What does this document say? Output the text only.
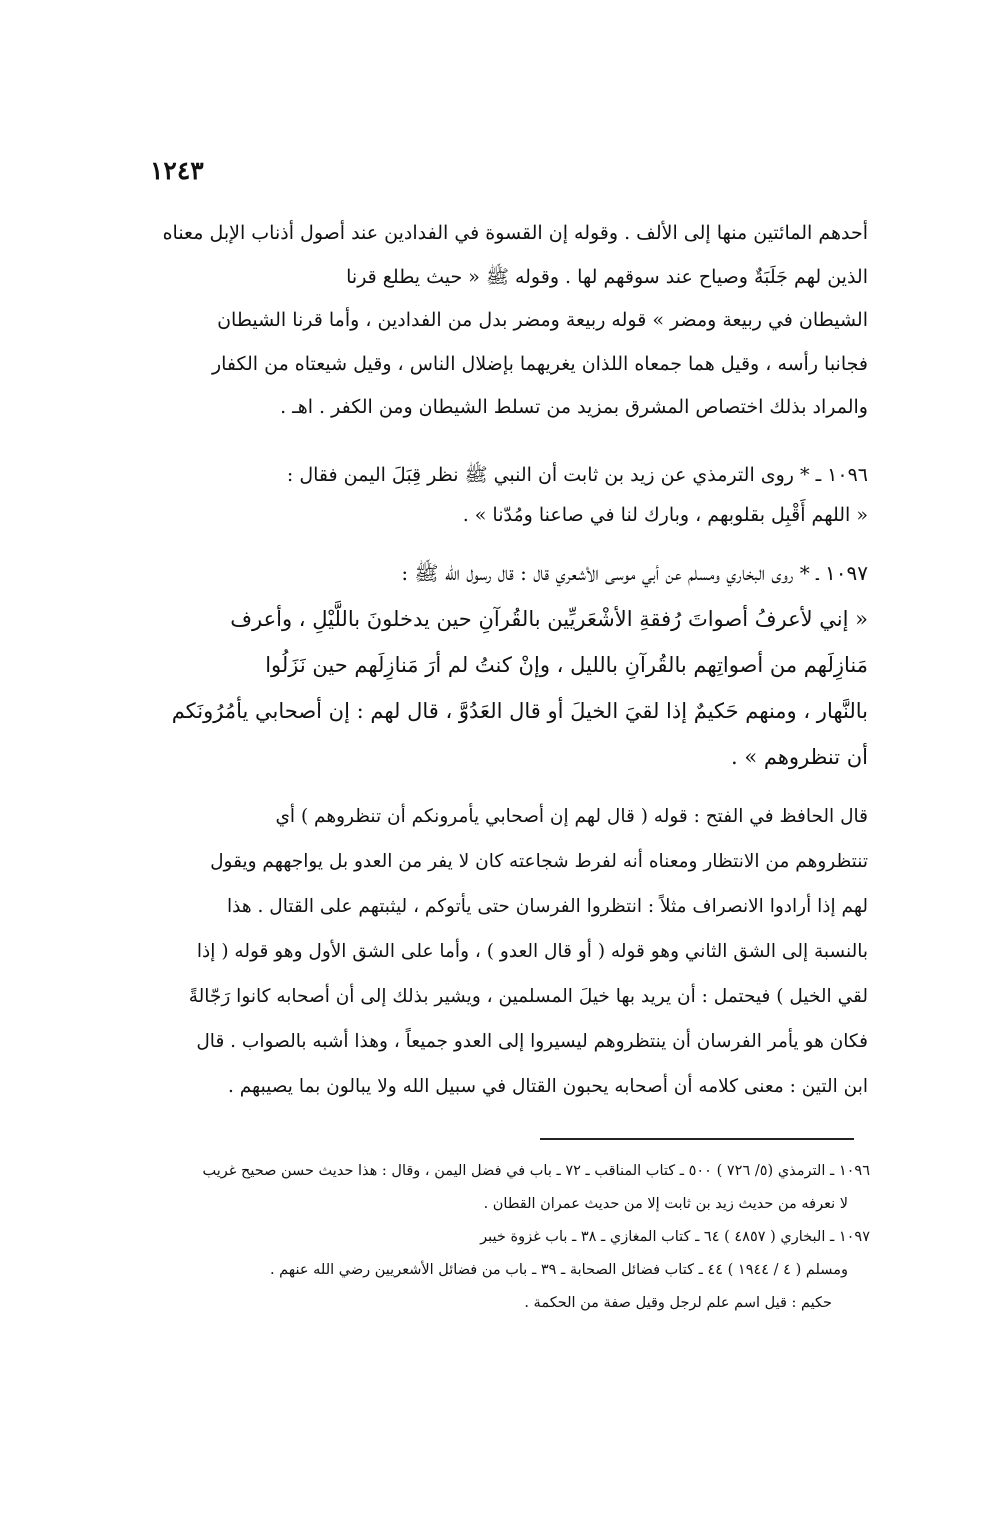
١٢٤٣
أحدهم المائتين منها إلى الألف . وقوله إن القسوة في الفدادين عند أصول أذناب الإبل معناه
الذين لهم جَلَبَةٌ وصياح عند سوقهم لها . وقوله ﷺ « حيث يطلع قرنا
الشيطان في ربيعة ومضر » قوله ربيعة ومضر بدل من الفدادين ، وأما قرنا الشيطان
فجانبا رأسه ، وقيل هما جمعاه اللذان يغريهما بإضلال الناس ، وقيل شيعتاه من الكفار
والمراد بذلك اختصاص المشرق بمزيد من تسلط الشيطان ومن الكفر . اهـ .
١٠٩٦ ـ * روى الترمذي عن زيد بن ثابت أن النبي ﷺ نظر قِبَلَ اليمن فقال :
« اللهم أَقْبِل بقلوبهم ، وبارك لنا في صاعنا ومُدّنا » .
١٠٩٧ ـ * روى البخاري ومسلم عن أبي موسى الأشعري قال : قال رسول الله ﷺ :
« إني لأعرفُ أصواتَ رُفقةِ الأشْعَريِّين بالقُرآنِ حين يدخلونَ باللَّيْلِ ، وأعرف
مَنازِلَهم من أصواتِهم بالقُرآنِ بالليل ، وإنْ كنتُ لم أرَ مَنازِلَهم حين نَزَلُوا
بالنَّهار ، ومنهم حَكيمٌ إذا لقيَ الخيلَ أو قال العَدُوَّ ، قال لهم : إن أصحابي يأمُرُونَكم
أن تنظروهم » .
قال الحافظ في الفتح : قوله ( قال لهم إن أصحابي يأمرونكم أن تنظروهم ) أي
تنتظروهم من الانتظار ومعناه أنه لفرط شجاعته كان لا يفر من العدو بل يواجههم ويقول
لهم إذا أرادوا الانصراف مثلاً : انتظروا الفرسان حتى يأتوكم ، ليثبتهم على القتال . هذا
بالنسبة إلى الشق الثاني وهو قوله ( أو قال العدو ) ، وأما على الشق الأول وهو قوله ( إذا
لقي الخيل ) فيحتمل : أن يريد بها خيلَ المسلمين ، ويشير بذلك إلى أن أصحابه كانوا رَجّالةً
فكان هو يأمر الفرسان أن ينتظروهم ليسيروا إلى العدو جميعاً ، وهذا أشبه بالصواب . قال
ابن التين : معنى كلامه أن أصحابه يحبون القتال في سبيل الله ولا يبالون بما يصيبهم .
١٠٩٦ ـ الترمذي (٥/ ٧٢٦ ) ٥٠٠ ـ كتاب المناقب ـ ٧٢ ـ باب في فضل اليمن ، وقال : هذا حديث حسن صحيح غريب
لا نعرفه من حديث زيد بن ثابت إلا من حديث عمران القطان .
١٠٩٧ ـ البخاري ( ٤٨٥٧ ) ٦٤ ـ كتاب المغازي ـ ٣٨ ـ باب غزوة خيبر
ومسلم ( ٤ / ١٩٤٤ ) ٤٤ ـ كتاب فضائل الصحابة ـ ٣٩ ـ باب من فضائل الأشعريين رضي الله عنهم .
حكيم : قيل اسم علم لرجل وقيل صفة من الحكمة .
